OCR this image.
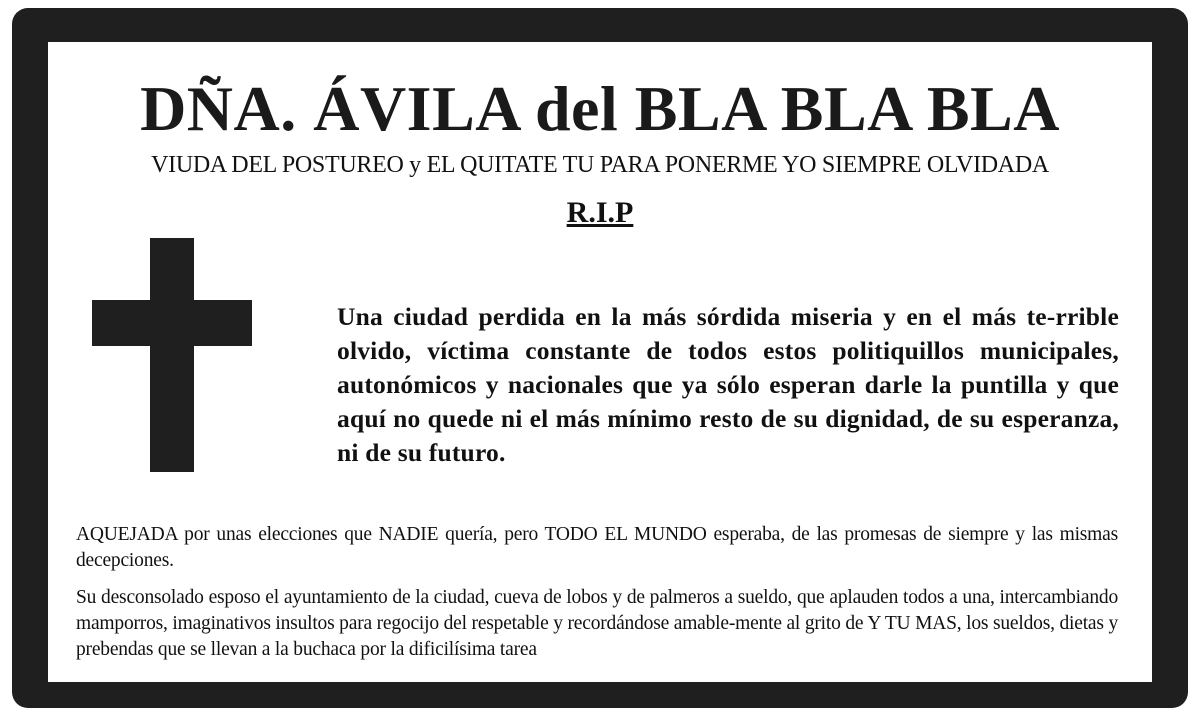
DÑA. ÁVILA del BLA BLA BLA
VIUDA DEL POSTUREO y EL QUITATE TU PARA PONERME YO SIEMPRE OLVIDADA
R.I.P
Una ciudad perdida en la más sórdida miseria y en el más te-rrible olvido, víctima constante de todos estos politiquillos municipales, autonómicos y nacionales que ya sólo esperan darle la puntilla y que aquí no quede ni el más mínimo resto de su dignidad, de su esperanza, ni de su futuro.
AQUEJADA por unas elecciones que NADIE quería, pero TODO EL MUNDO esperaba, de las promesas de siempre y las mismas decepciones.
Su desconsolado esposo el ayuntamiento de la ciudad, cueva de lobos y de palmeros a sueldo, que aplauden todos a una, intercambiando mamporros, imaginativos insultos para regocijo del respetable y recordándose amable-mente al grito de Y TU MAS, los sueldos, dietas y prebendas que se llevan a la buchaca por la dificilísima tarea
